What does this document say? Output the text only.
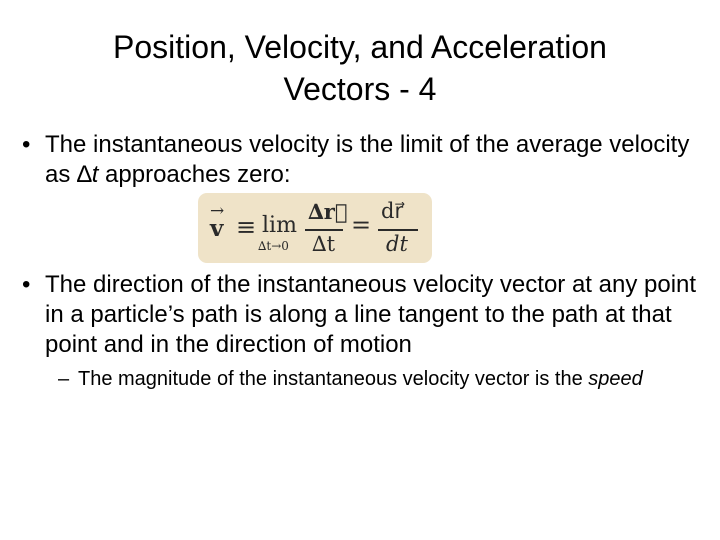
Position, Velocity, and Acceleration
Vectors - 4
• The instantaneous velocity is the limit of the average velocity as ∆t approaches zero:
→
v ≡ lim
∆t→0
∆r⃗
∆t
= dr⃗
dt
• The direction of the instantaneous velocity vector at any point in a particle’s path is along a line tangent to the path at that point and in the direction of motion
– The magnitude of the instantaneous velocity vector is the speed
